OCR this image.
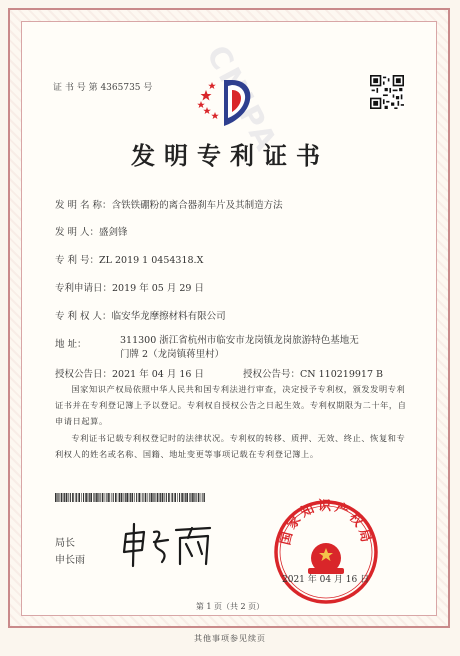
证 书 号 第 4365735 号
发明专利证书
发 明 名 称：含铁铁硼粉的离合器刹车片及其制造方法
发 明 人：盛剑锋
专 利 号：ZL 2019 1 0454318.X
专利申请日：2019 年 05 月 29 日
专 利 权 人：临安华龙摩擦材料有限公司
地 址：	311300 浙江省杭州市临安市龙岗镇龙岗旅游特色基地无
门牌 2（龙岗镇蒋里村）
授权公告日：2021 年 04 月 16 日	授权公告号：CN 110219917 B
国家知识产权局依照中华人民共和国专利法进行审查，决定授予专利权，颁发发明专利证书并在专利登记簿上予以登记。专利权自授权公告之日起生效。专利权期限为二十年，自申请日起算。
专利证书记载专利权登记时的法律状况。专利权的转移、质押、无效、终止、恢复和专利权人的姓名或名称、国籍、地址变更等事项记载在专利登记簿上。
局长
申长雨
国家知识产权局
2021 年 04 月 16 日
第 1 页（共 2 页）
其他事项参见续页
